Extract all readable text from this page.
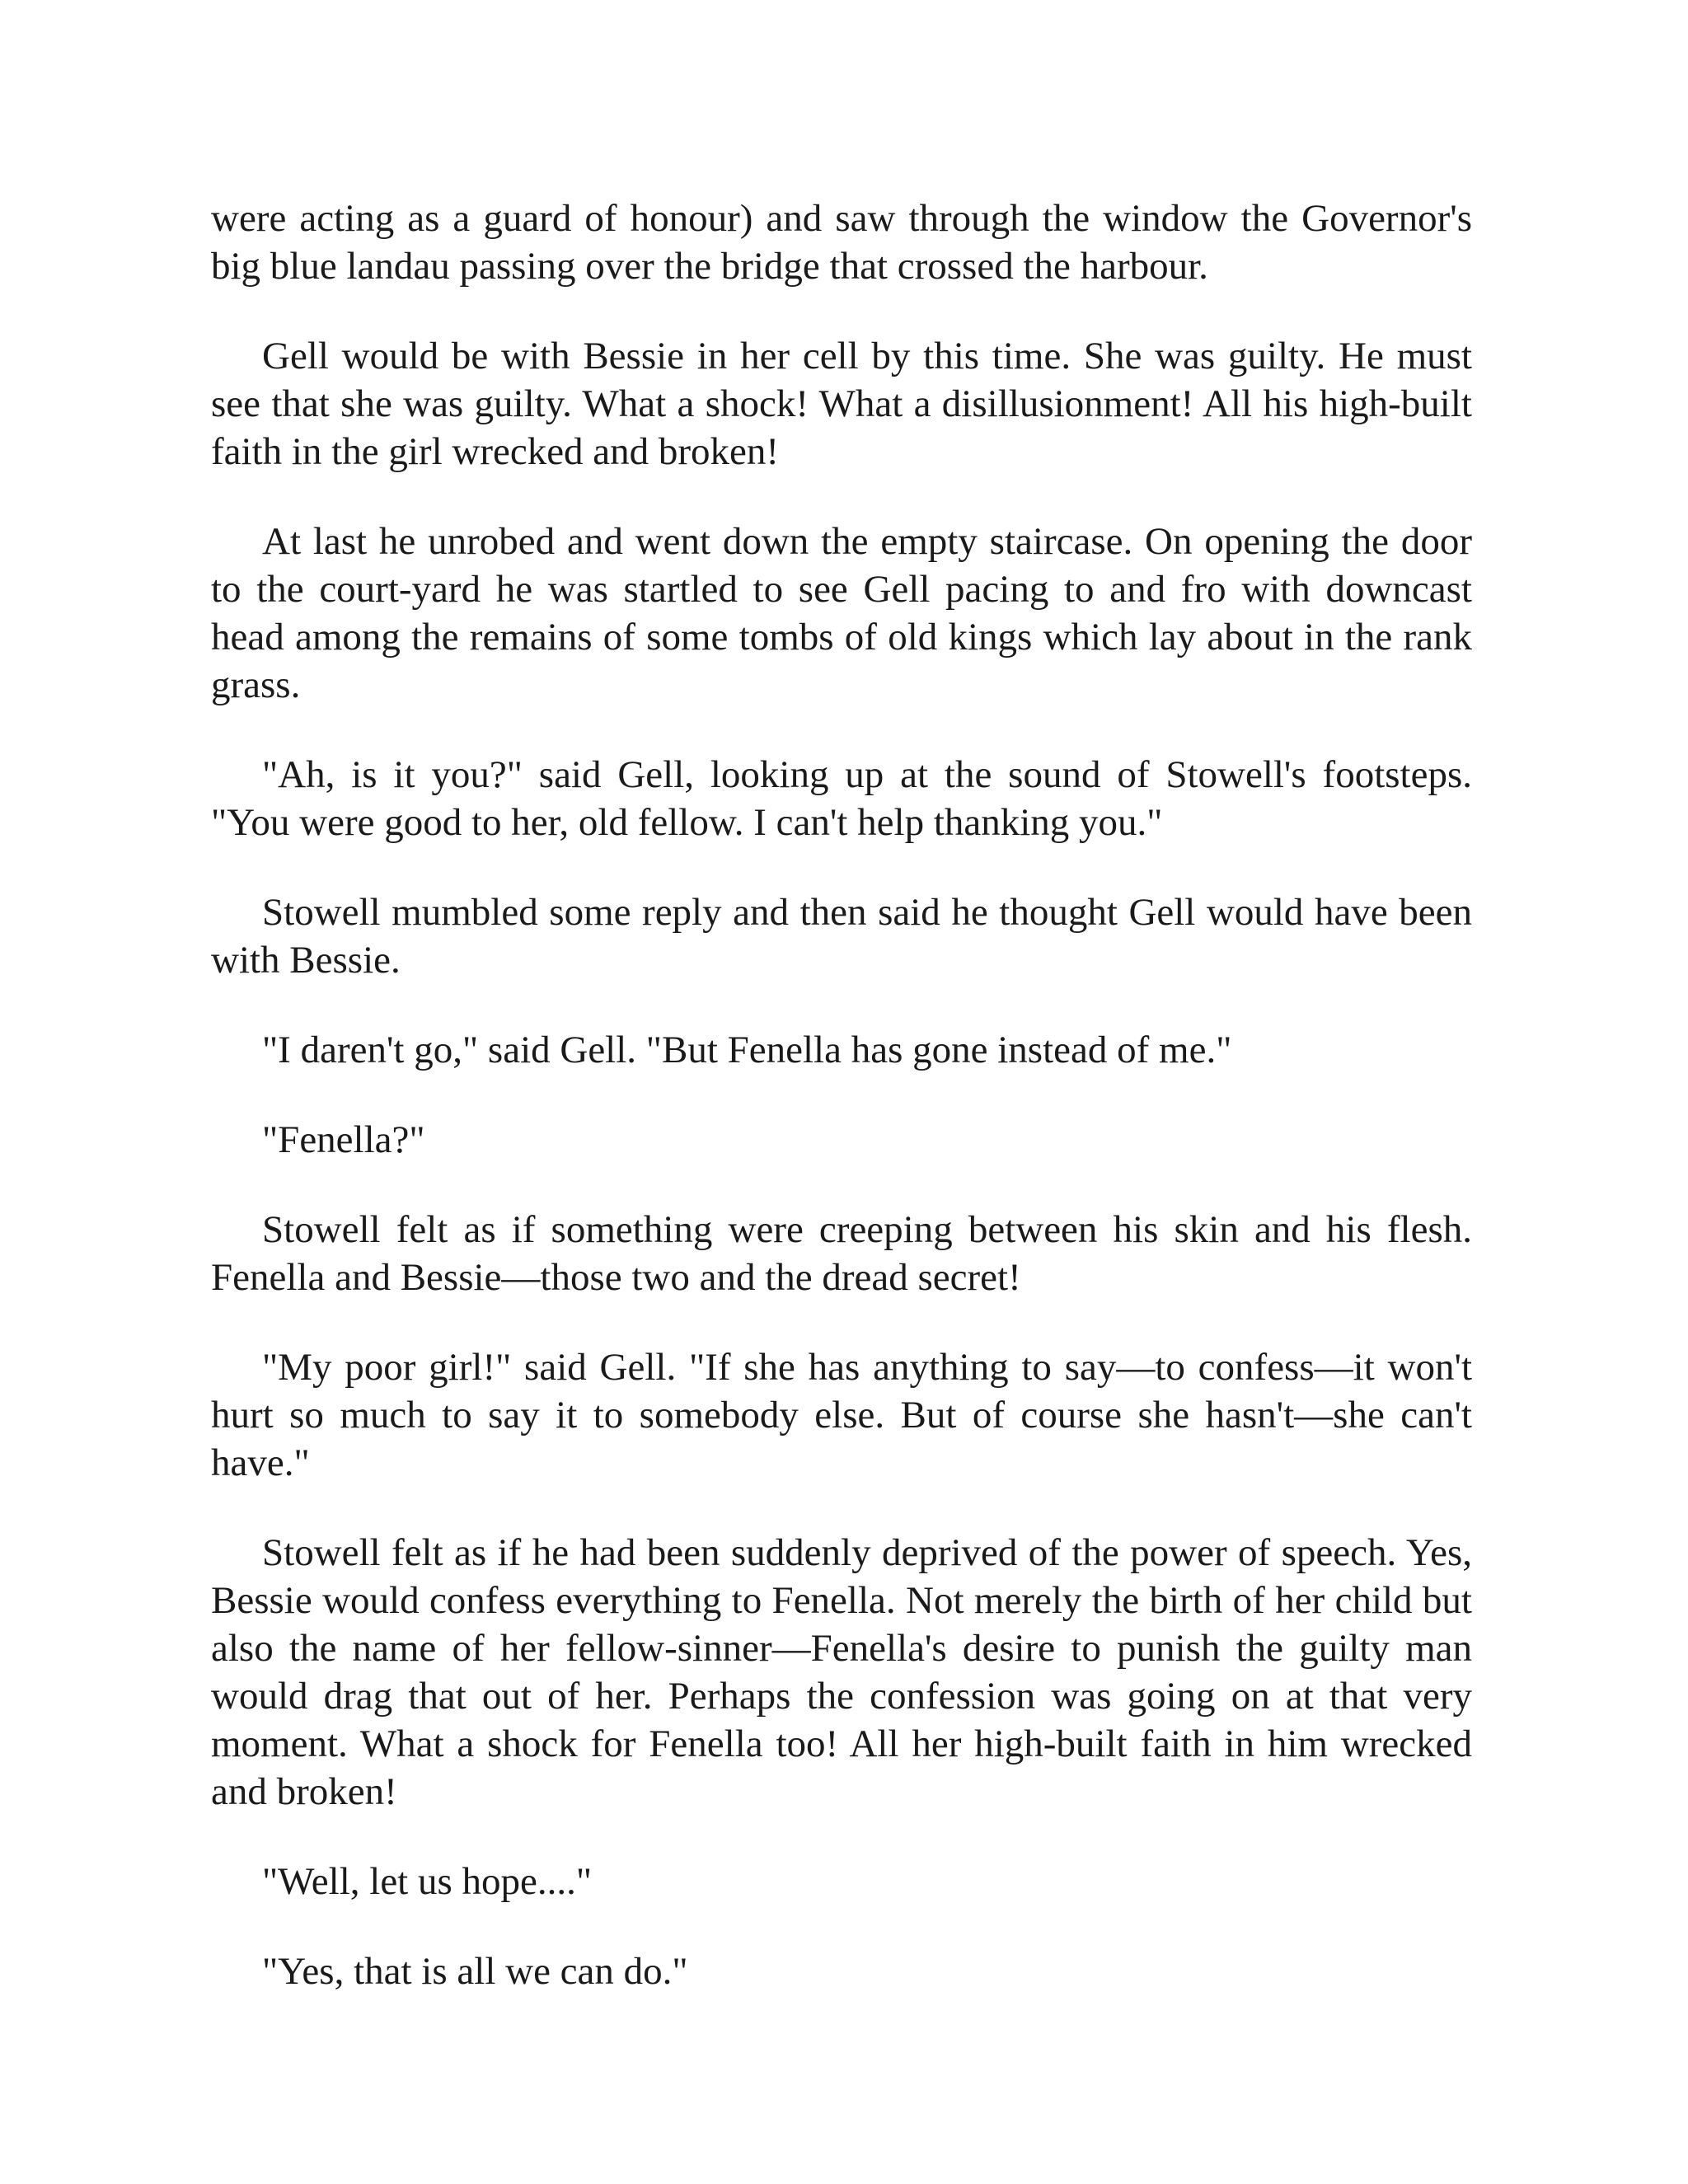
were acting as a guard of honour) and saw through the window the Governor's big blue landau passing over the bridge that crossed the harbour.

Gell would be with Bessie in her cell by this time. She was guilty. He must see that she was guilty. What a shock! What a disillusionment! All his high-built faith in the girl wrecked and broken!

At last he unrobed and went down the empty staircase. On opening the door to the court-yard he was startled to see Gell pacing to and fro with downcast head among the remains of some tombs of old kings which lay about in the rank grass.

"Ah, is it you?" said Gell, looking up at the sound of Stowell's footsteps. "You were good to her, old fellow. I can't help thanking you."

Stowell mumbled some reply and then said he thought Gell would have been with Bessie.

"I daren't go," said Gell. "But Fenella has gone instead of me."

"Fenella?"

Stowell felt as if something were creeping between his skin and his flesh. Fenella and Bessie—those two and the dread secret!

"My poor girl!" said Gell. "If she has anything to say—to confess—it won't hurt so much to say it to somebody else. But of course she hasn't—she can't have."

Stowell felt as if he had been suddenly deprived of the power of speech. Yes, Bessie would confess everything to Fenella. Not merely the birth of her child but also the name of her fellow-sinner—Fenella's desire to punish the guilty man would drag that out of her. Perhaps the confession was going on at that very moment. What a shock for Fenella too! All her high-built faith in him wrecked and broken!

"Well, let us hope...."

"Yes, that is all we can do."
